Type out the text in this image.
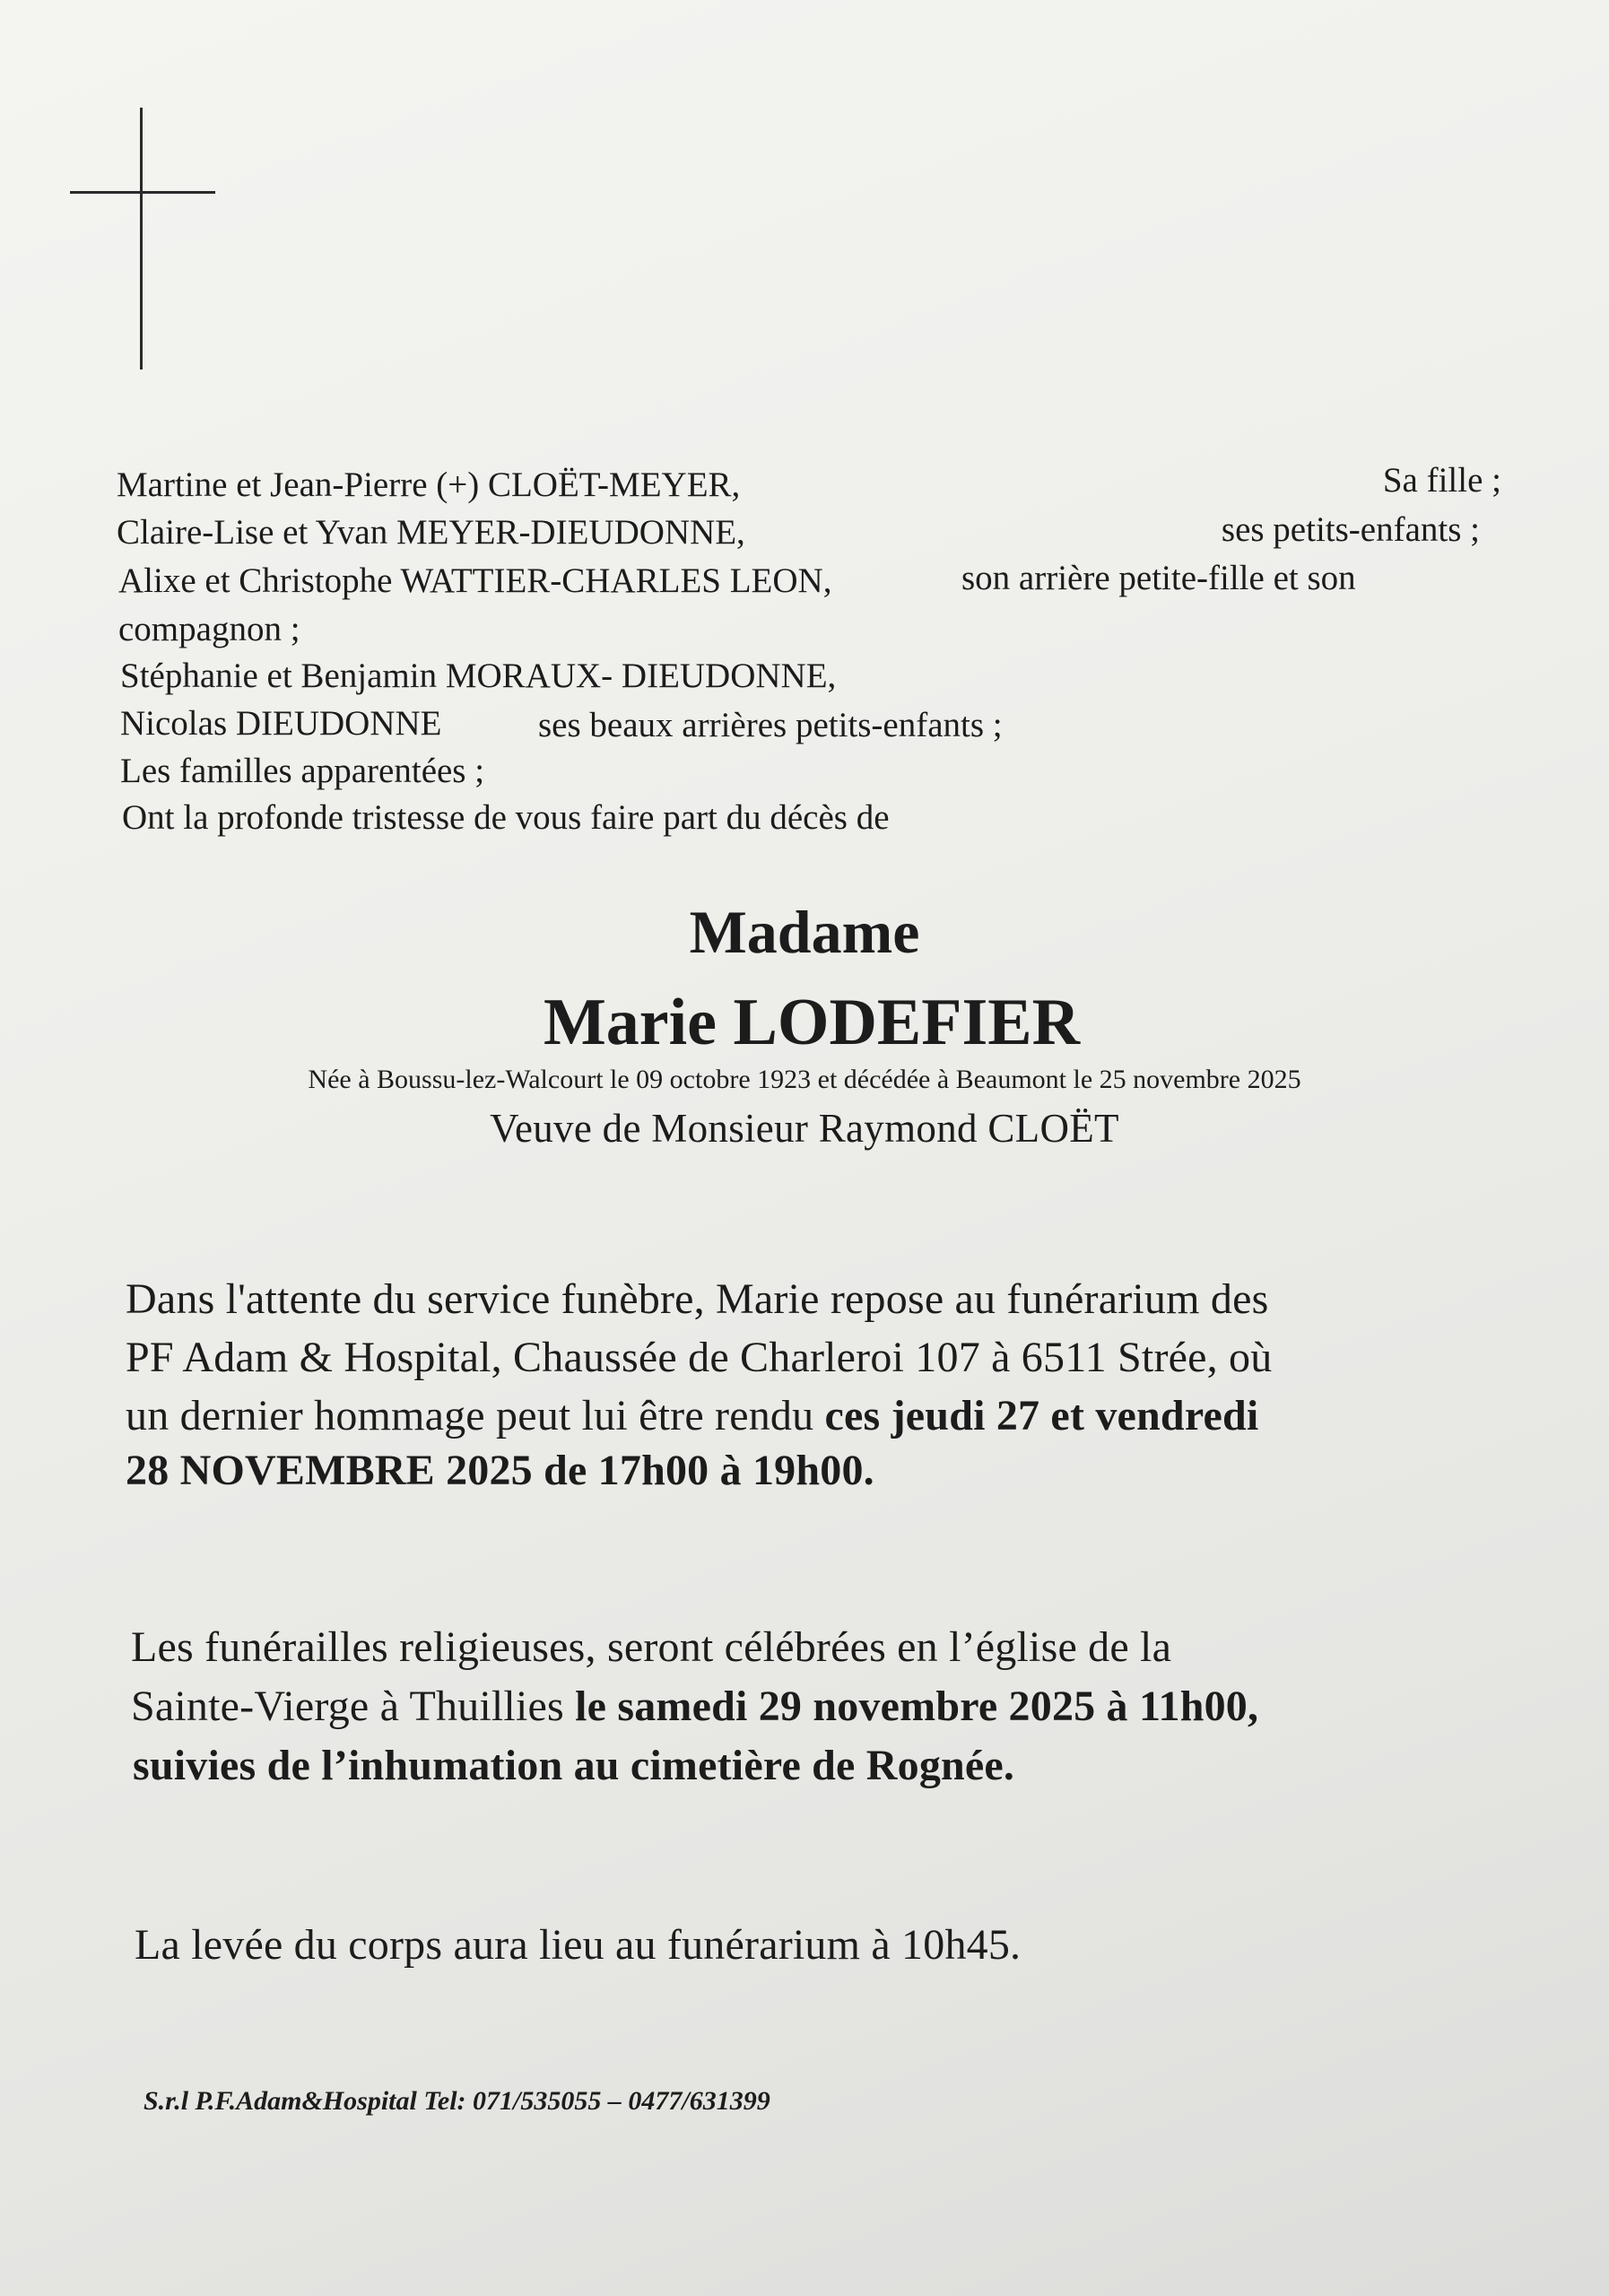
Martine et Jean-Pierre (+) CLOËT-MEYER,	Sa fille ;
Claire-Lise et Yvan MEYER-DIEUDONNE,	ses petits-enfants ;
Alixe et Christophe WATTIER-CHARLES LEON,	son arrière petite-fille et son
compagnon ;
Stéphanie et Benjamin MORAUX- DIEUDONNE,
Nicolas DIEUDONNE	ses beaux arrières petits-enfants ;
Les familles apparentées ;
Ont la profonde tristesse de vous faire part du décès de
Madame
Marie LODEFIER
Née à Boussu-lez-Walcourt le 09 octobre 1923 et décédée à Beaumont le 25 novembre 2025
Veuve de Monsieur Raymond CLOËT
Dans l'attente du service funèbre, Marie repose au funérarium des
PF Adam & Hospital, Chaussée de Charleroi 107 à 6511 Strée, où
un dernier hommage peut lui être rendu ces jeudi 27 et vendredi
28 NOVEMBRE 2025 de 17h00 à 19h00.
Les funérailles religieuses, seront célébrées en l’église de la
Sainte-Vierge à Thuillies le samedi 29 novembre 2025 à 11h00,
suivies de l’inhumation au cimetière de Rognée.
La levée du corps aura lieu au funérarium à 10h45.
S.r.l P.F.Adam&Hospital Tel: 071/535055 – 0477/631399
